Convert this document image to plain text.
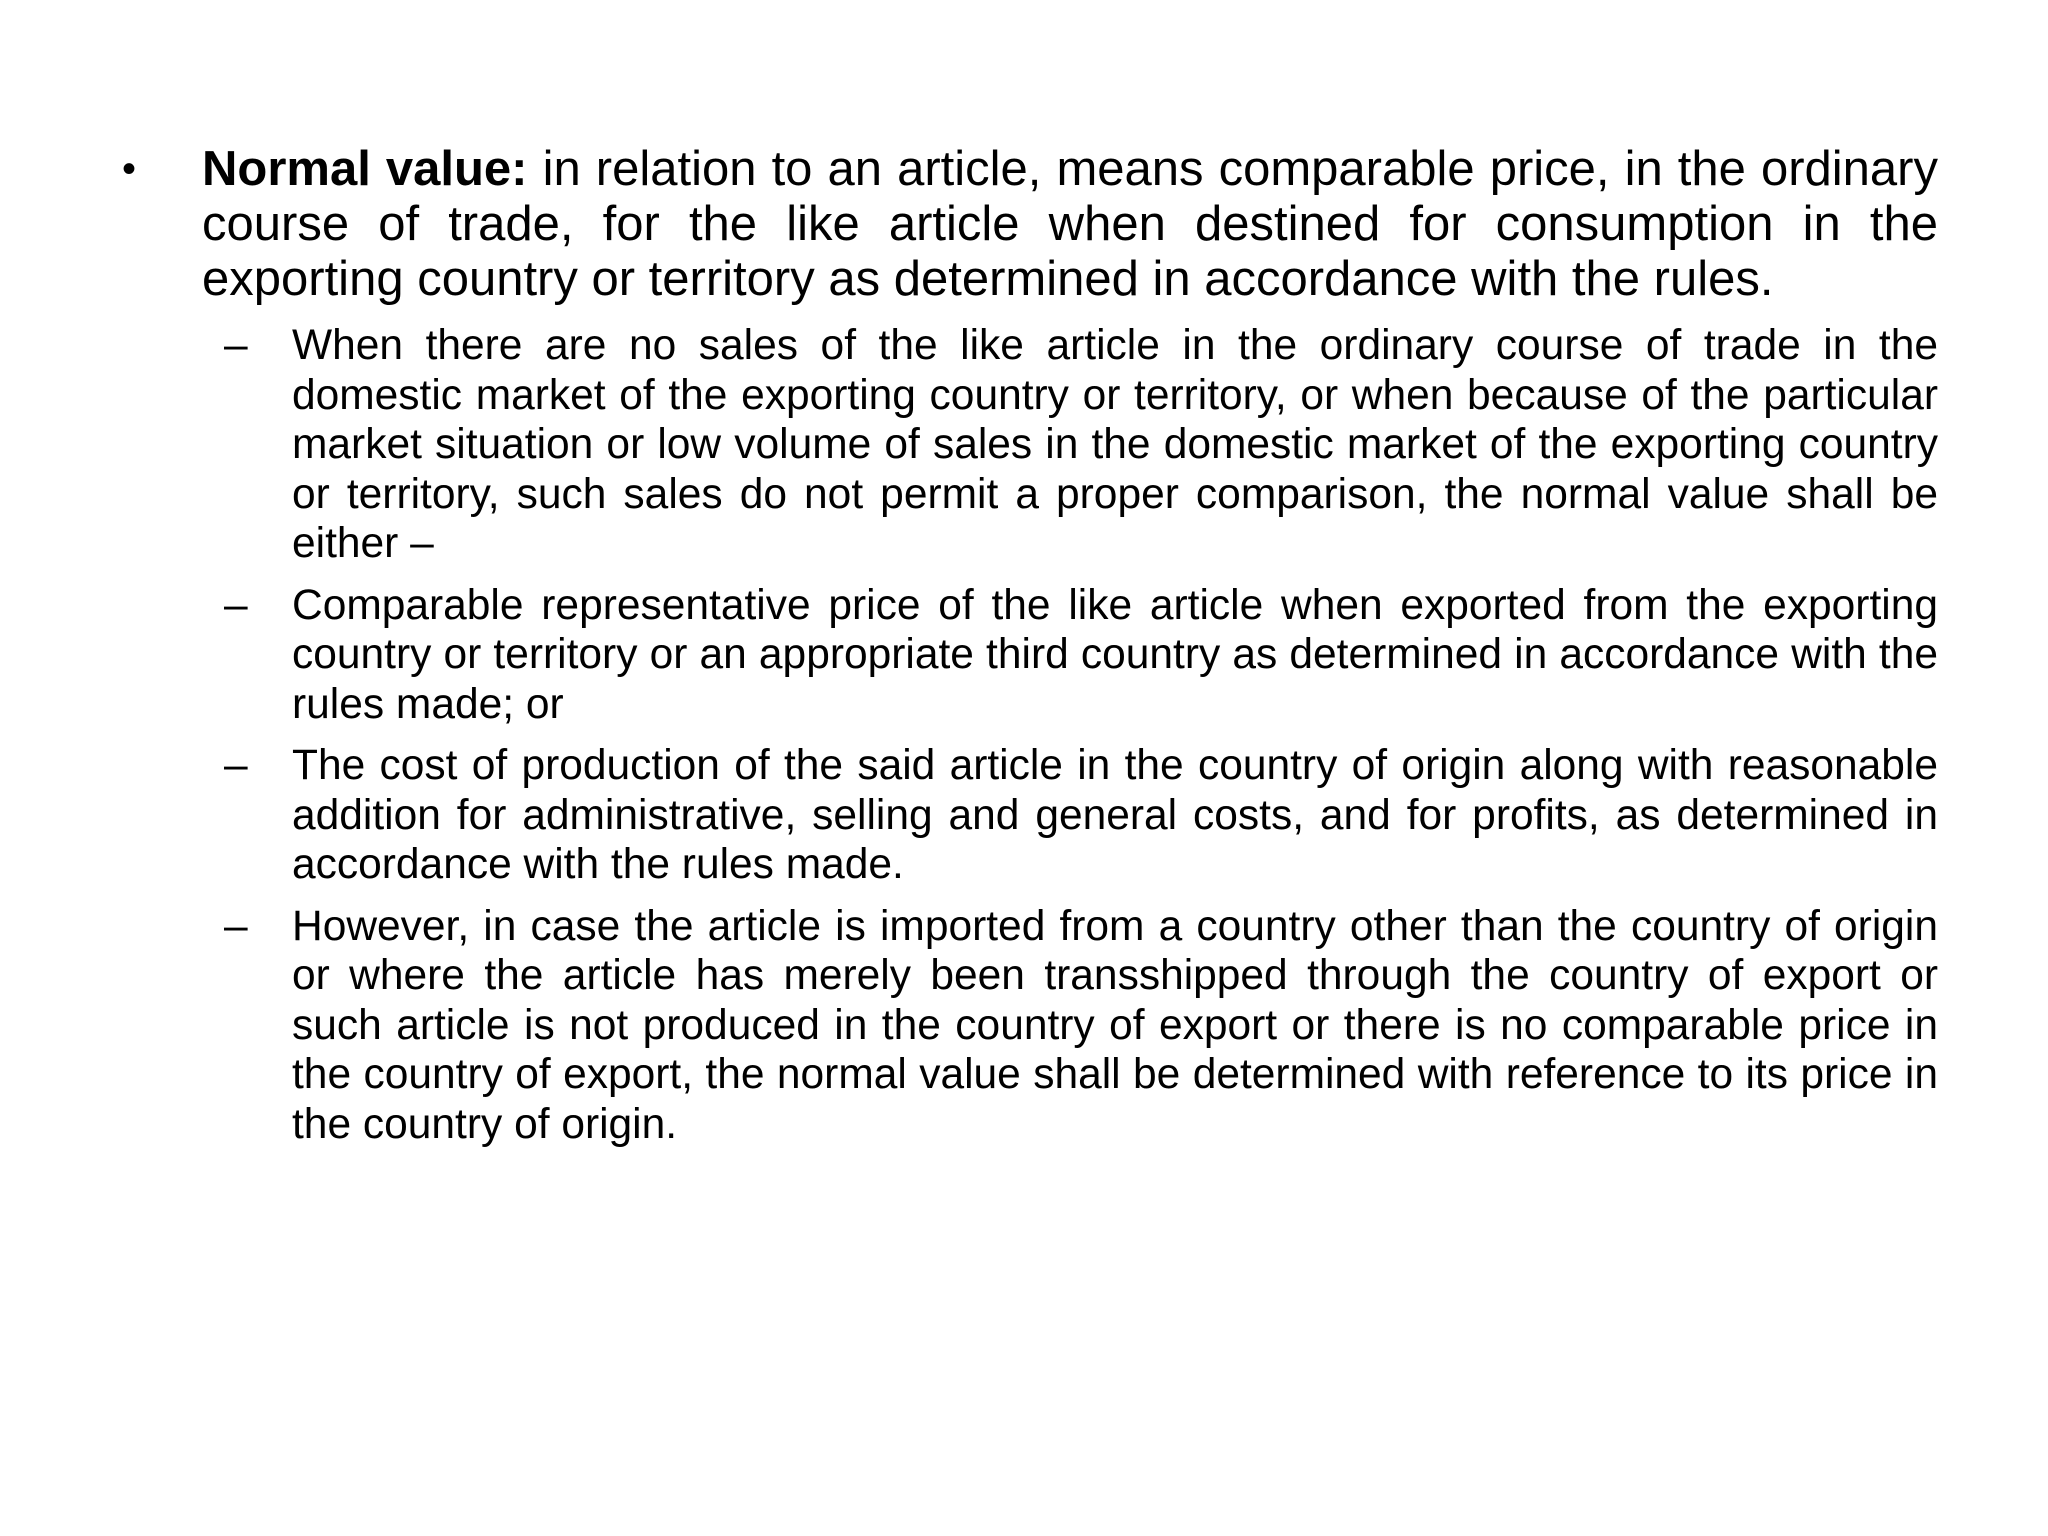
•	Normal value: in relation to an article, means comparable price, in the ordinary course of trade, for the like article when destined for consumption in the exporting country or territory as determined in accordance with the rules.
–	When there are no sales of the like article in the ordinary course of trade in the domestic market of the exporting country or territory, or when because of the particular market situation or low volume of sales in the domestic market of the exporting country or territory, such sales do not permit a proper comparison, the normal value shall be either –
–	Comparable representative price of the like article when exported from the exporting country or territory or an appropriate third country as determined in accordance with the rules made; or
–	The cost of production of the said article in the country of origin along with reasonable addition for administrative, selling and general costs, and for profits, as determined in accordance with the rules made.
–	However, in case the article is imported from a country other than the country of origin or where the article has merely been transshipped through the country of export or such article is not produced in the country of export or there is no comparable price in the country of export, the normal value shall be determined with reference to its price in the country of origin.
